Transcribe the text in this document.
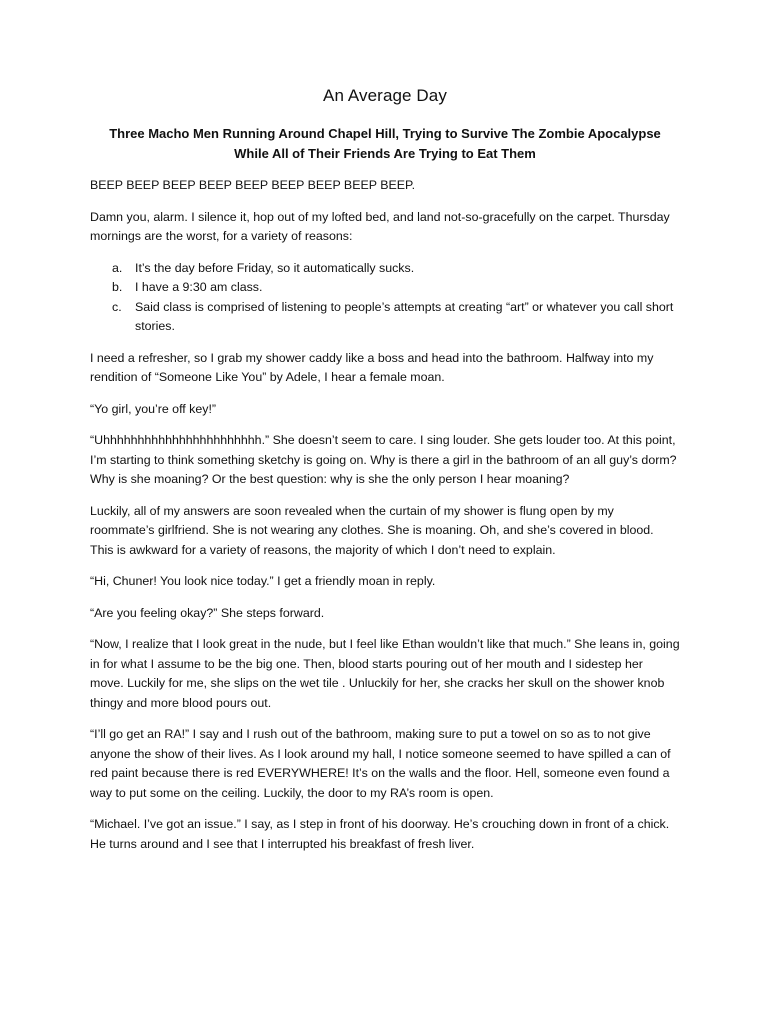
An Average Day
Three Macho Men Running Around Chapel Hill, Trying to Survive The Zombie Apocalypse
While All of Their Friends Are Trying to Eat Them

BEEP BEEP BEEP BEEP BEEP BEEP BEEP BEEP BEEP.

Damn you, alarm. I silence it, hop out of my lofted bed, and land not-so-gracefully on the carpet. Thursday mornings are the worst, for a variety of reasons:

a. It’s the day before Friday, so it automatically sucks.
b. I have a 9:30 am class.
c. Said class is comprised of listening to people’s attempts at creating “art” or whatever you call short stories.

I need a refresher, so I grab my shower caddy like a boss and head into the bathroom. Halfway into my rendition of “Someone Like You” by Adele, I hear a female moan.

“Yo girl, you’re off key!”

“Uhhhhhhhhhhhhhhhhhhhhhhh.” She doesn’t seem to care. I sing louder. She gets louder too. At this point, I’m starting to think something sketchy is going on. Why is there a girl in the bathroom of an all guy’s dorm? Why is she moaning? Or the best question: why is she the only person I hear moaning?

Luckily, all of my answers are soon revealed when the curtain of my shower is flung open by my roommate’s girlfriend. She is not wearing any clothes. She is moaning. Oh, and she’s covered in blood. This is awkward for a variety of reasons, the majority of which I don’t need to explain.

“Hi, Chuner! You look nice today.” I get a friendly moan in reply.

“Are you feeling okay?” She steps forward.

“Now, I realize that I look great in the nude, but I feel like Ethan wouldn’t like that much.” She leans in, going in for what I assume to be the big one. Then, blood starts pouring out of her mouth and I sidestep her move. Luckily for me, she slips on the wet tile . Unluckily for her, she cracks her skull on the shower knob thingy and more blood pours out.

“I’ll go get an RA!” I say and I rush out of the bathroom, making sure to put a towel on so as to not give anyone the show of their lives. As I look around my hall, I notice someone seemed to have spilled a can of red paint because there is red EVERYWHERE! It’s on the walls and the floor. Hell, someone even found a way to put some on the ceiling. Luckily, the door to my RA’s room is open.

“Michael. I’ve got an issue.” I say, as I step in front of his doorway. He’s crouching down in front of a chick. He turns around and I see that I interrupted his breakfast of fresh liver.
